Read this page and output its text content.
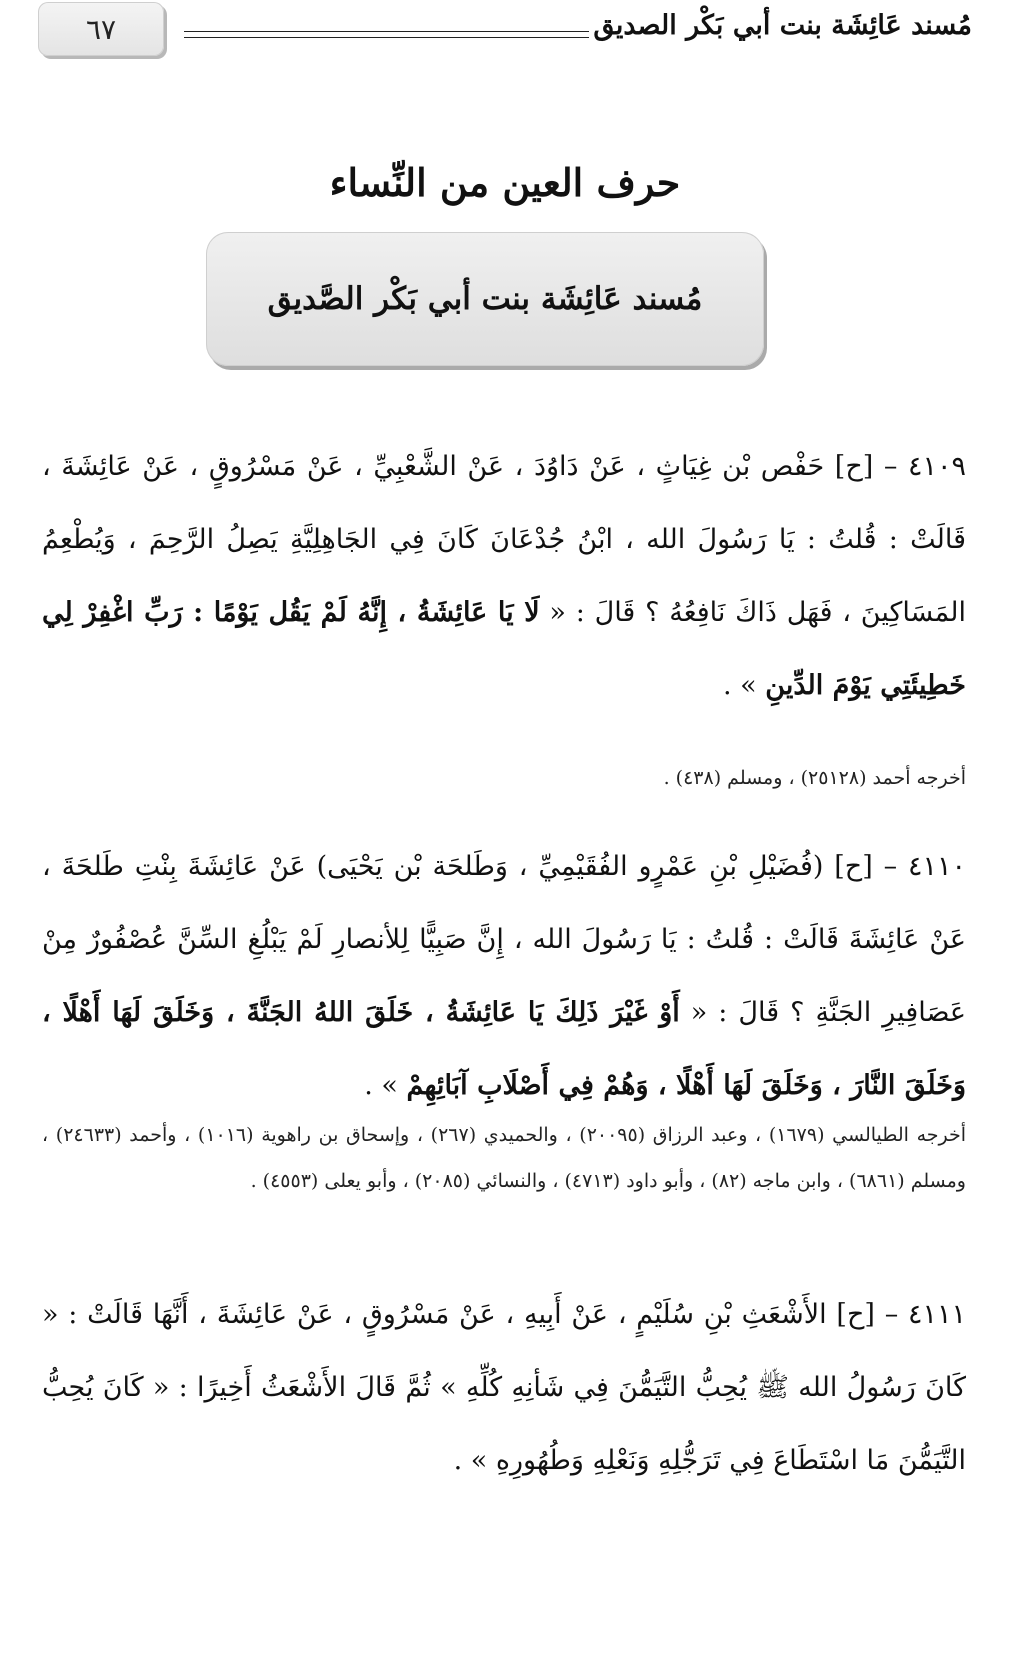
٦٧	مُسند عَائِشَة بنت أبي بَكْر الصديق
حرف العين من النِّساء
مُسند عَائِشَة بنت أبي بَكْر الصَّديق
٤١٠٩ – [ح] حَفْص بْن غِيَاثٍ ، عَنْ دَاوُدَ ، عَنْ الشَّعْبِيِّ ، عَنْ مَسْرُوقٍ ، عَنْ عَائِشَةَ ، قَالَتْ : قُلتُ : يَا رَسُولَ الله ، ابْنُ جُدْعَانَ كَانَ فِي الجَاهِلِيَّةِ يَصِلُ الرَّحِمَ ، وَيُطْعِمُ المَسَاكِينَ ، فَهَل ذَاكَ نَافِعُهُ ؟ قَالَ : « لَا يَا عَائِشَةُ ، إِنَّهُ لَمْ يَقُل يَوْمًا : رَبِّ اغْفِرْ لِي خَطِيئَتِي يَوْمَ الدِّينِ » .
أخرجه أحمد (٢٥١٢٨) ، ومسلم (٤٣٨) .
٤١١٠ – [ح] (فُضَيْلِ بْنِ عَمْرٍو الفُقَيْمِيِّ ، وَطَلحَة بْن يَحْيَى) عَنْ عَائِشَةَ بِنْتِ طَلحَةَ ، عَنْ عَائِشَةَ قَالَتْ : قُلتُ : يَا رَسُولَ الله ، إِنَّ صَبِيًّا لِلأنصارِ لَمْ يَبْلُغِ السِّنَّ عُصْفُورٌ مِنْ عَصَافِيرِ الجَنَّةِ ؟ قَالَ : « أَوْ غَيْرَ ذَلِكَ يَا عَائِشَةُ ، خَلَقَ اللهُ الجَنَّةَ ، وَخَلَقَ لَهَا أَهْلًا ، وَخَلَقَ النَّارَ ، وَخَلَقَ لَهَا أَهْلًا ، وَهُمْ فِي أَصْلَابِ آبَائِهِمْ » .
أخرجه الطيالسي (١٦٧٩) ، وعبد الرزاق (٢٠٠٩٥) ، والحميدي (٢٦٧) ، وإسحاق بن راهوية (١٠١٦) ، وأحمد (٢٤٦٣٣) ، ومسلم (٦٨٦١) ، وابن ماجه (٨٢) ، وأبو داود (٤٧١٣) ، والنسائي (٢٠٨٥) ، وأبو يعلى (٤٥٥٣) .
٤١١١ – [ح] الأَشْعَثِ بْنِ سُلَيْمٍ ، عَنْ أَبِيهِ ، عَنْ مَسْرُوقٍ ، عَنْ عَائِشَةَ ، أَنَّهَا قَالَتْ : « كَانَ رَسُولُ الله ﷺ يُحِبُّ التَّيَمُّنَ فِي شَأنِهِ كُلِّهِ » ثُمَّ قَالَ الأَشْعَثُ أَخِيرًا : « كَانَ يُحِبُّ التَّيَمُّنَ مَا اسْتَطَاعَ فِي تَرَجُّلِهِ وَنَعْلِهِ وَطُهُورِهِ » .
